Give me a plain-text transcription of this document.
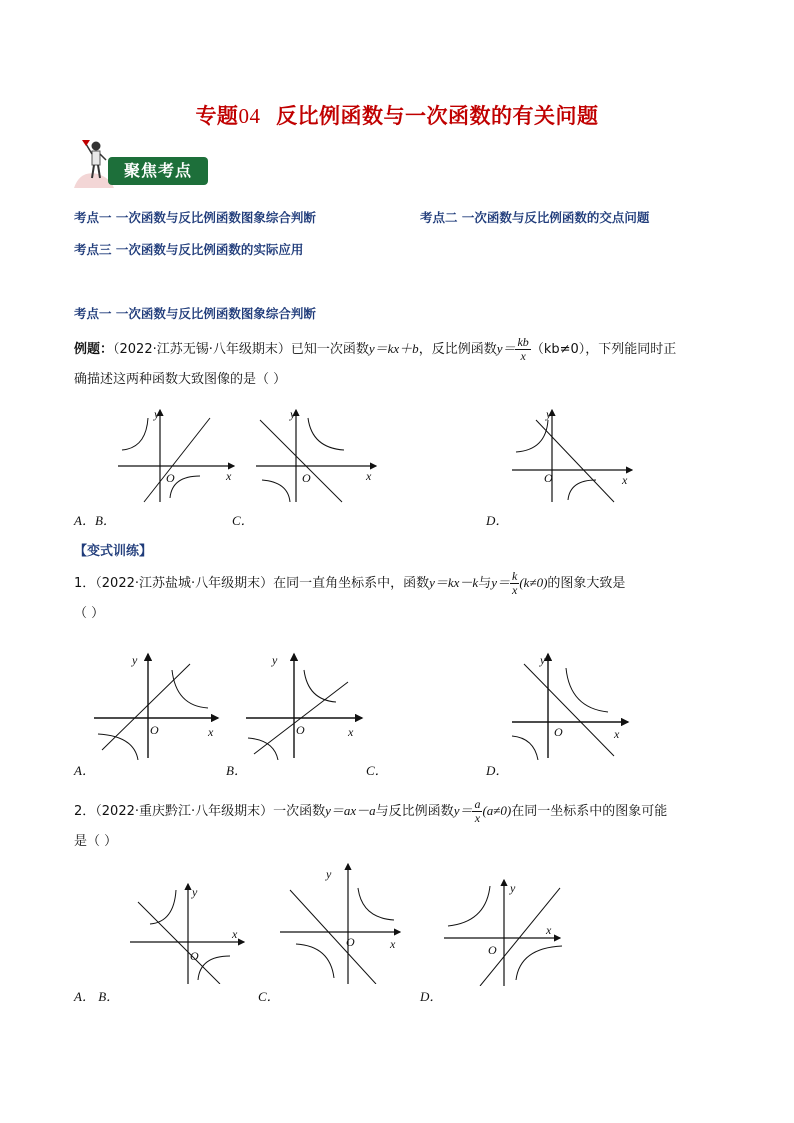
专题04 反比例函数与一次函数的有关问题
聚焦考点
考点一 一次函数与反比例函数图象综合判断	考点二 一次函数与反比例函数的交点问题
考点三 一次函数与反比例函数的实际应用
考点一 一次函数与反比例函数图象综合判断
例题：（2022·江苏无锡·八年级期末）已知一次函数y＝kx＋b，反比例函数$y= \frac{kb}{x} (kb\ne 0)$，下列能同时正
确描述这两种函数大致图像的是（ ）
y
x
O
y
x
O
y
x
O
A．B．	C．	D．
【变式训练】
1．（2022·江苏盐城·八年级期末）在同一直角坐标系中，函数y＝kx－k与$y= \frac{k}{x} (k\ne 0)$的图象大致是
（ ）
y
x
O
y
x
O
y
x
O
A．	B．	C．	D．
2．（2022·重庆黔江·八年级期末）一次函数y＝ax－a与反比例函数$y= \frac{a}{x} (a\ne 0)$在同一坐标系中的图象可能
是（ ）
y
x
O
y
x
O
y
x
O
A． B．	C．	D．
